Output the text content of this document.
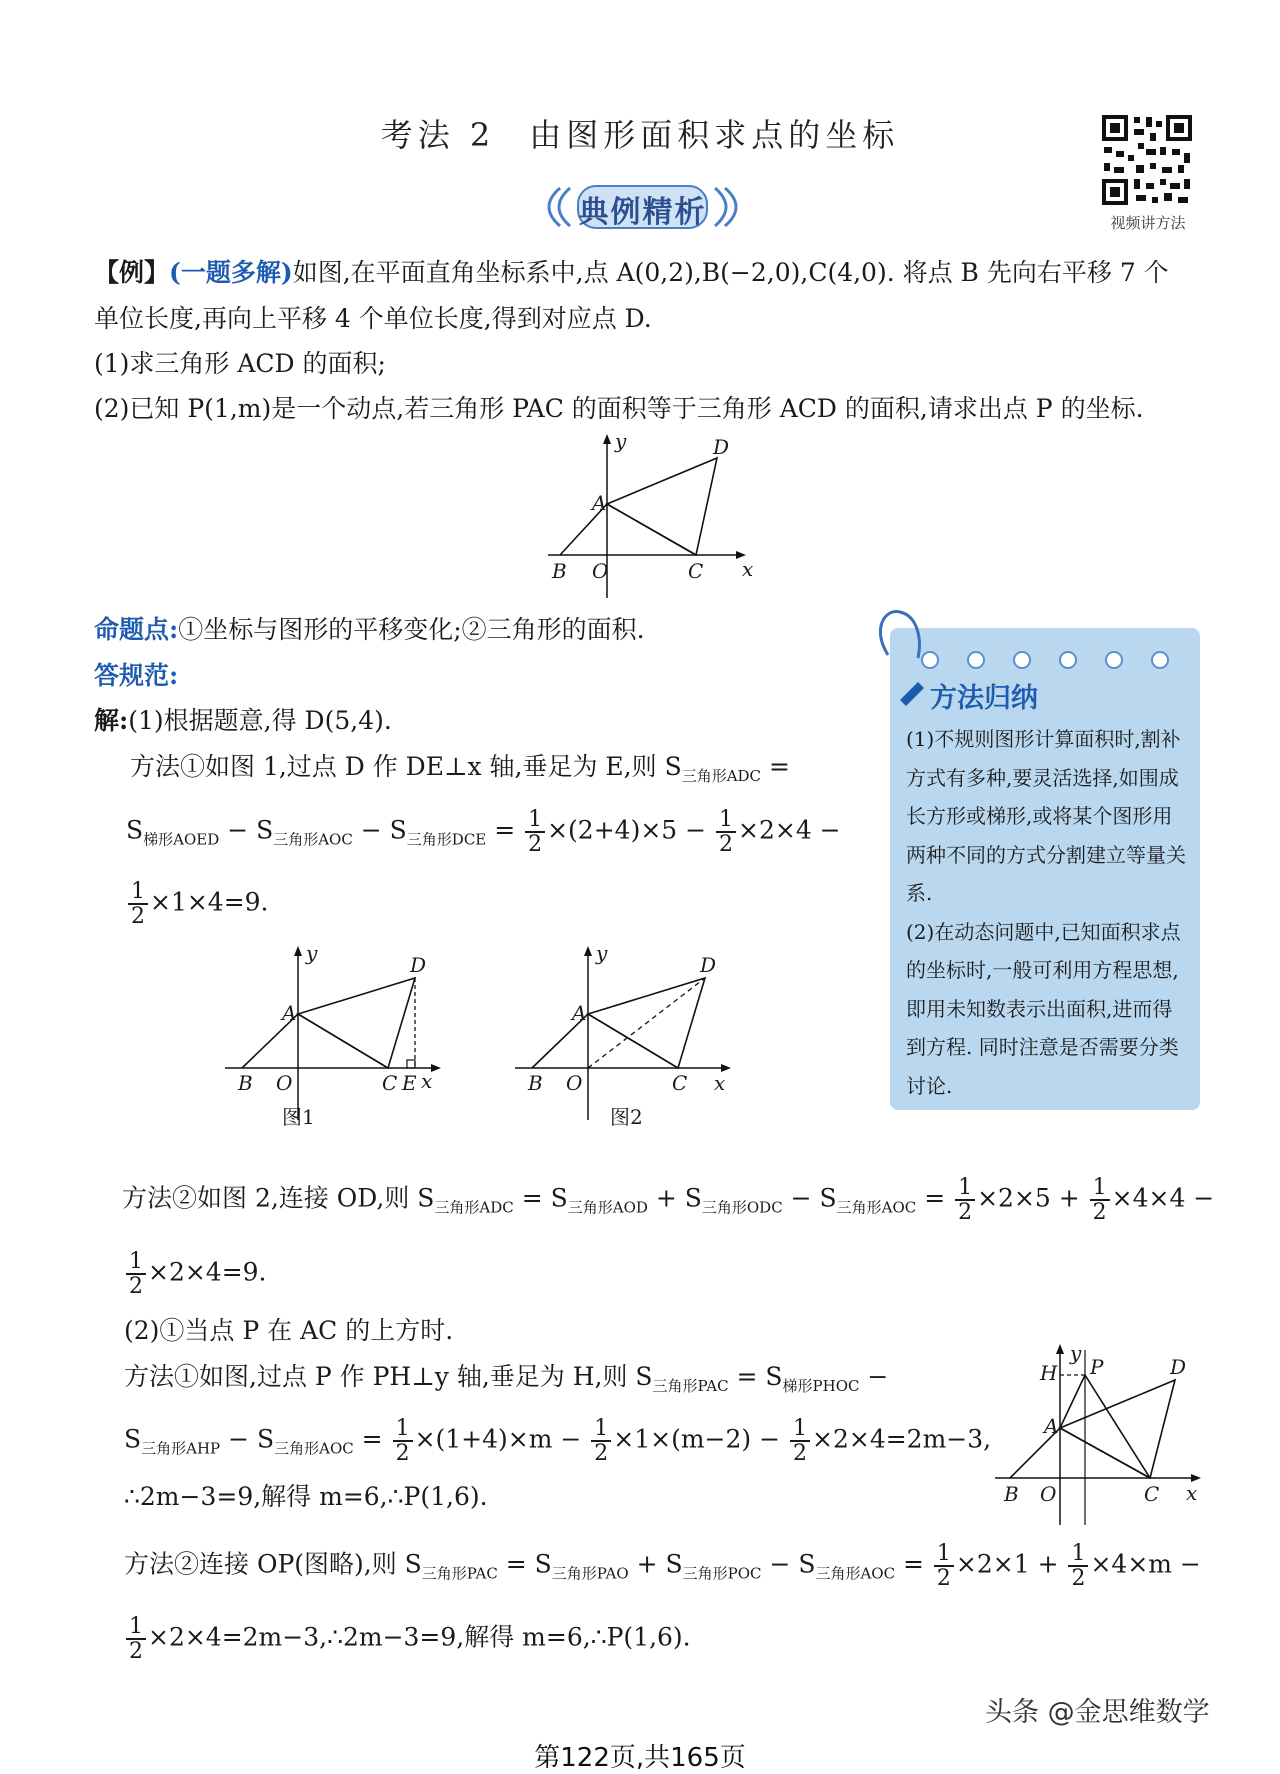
考法 2 由图形面积求点的坐标
典例精析	视频讲方法
【例】(一题多解)如图,在平面直角坐标系中,点 A(0,2),B(−2,0),C(4,0). 将点 B 先向右平移 7 个
单位长度,再向上平移 4 个单位长度,得到对应点 D.
(1)求三角形 ACD 的面积;
(2)已知 P(1,m)是一个动点,若三角形 PAC 的面积等于三角形 ACD 的面积,请求出点 P 的坐标.
y
x
A
B O	C
D
命题点:①坐标与图形的平移变化;②三角形的面积.
答规范:
解:(1)根据题意,得 D(5,4).
方法①如图 1,过点 D 作 DE⊥x 轴,垂足为 E,则 $S_{三角形ADC}$ =
$S_{梯形AOED} - S_{三角形AOC} - S_{三角形DCE} = \frac{1}{2} \times(2+4)\times 5 - \frac{1}{2} \times 2\times 4$ −
$\frac{1}{2} \times 1\times 4=9$.
y
x
A
B O	C E
D
图1
y
x
A
B O	C
D
图2
方法归纳

(1)不规则图形计算面积时,割补方式有多种,要灵活选择,如围成长方形或梯形,或将某个图形用两种不同的方式分割建立等量关系.

(2)在动态问题中,已知面积求点的坐标时,一般可利用方程思想,即用未知数表示出面积,进而得到方程. 同时注意是否需要分类讨论.

方法②如图 2,连接 OD,则 $S_{三角形ADC} = S_{三角形AOD} + S_{三角形ODC} - S_{三角形AOC} = \frac{1}{2} \times 2\times 5 + \frac{1}{2} \times 4\times 4$ −
$\frac{1}{2} \times 2\times 4=9$.
(2)①当点 P 在 AC 的上方时.
方法①如图,过点 P 作 PH⊥y 轴,垂足为 H,则 $S_{三角形PAC} = S_{梯形PHOC}$ −
$S_{三角形AHP} - S_{三角形AOC} = \frac{1}{2} \times(1+4)\times m - \frac{1}{2} \times 1\times(m-2) - \frac{1}{2} \times 2\times 4=2m-3$,
∴2m−3=9,解得 m=6,∴P(1,6).
y
P
H
x
A
B O	C
D
方法②连接 OP(图略),则 $S_{三角形PAC} = S_{三角形PAO} + S_{三角形POC} - S_{三角形AOC} = \frac{1}{2} \times 2\times 1 + \frac{1}{2} \times 4\times m$ −
$\frac{1}{2}$ ×2×4=2m−3,∴2m−3=9,解得 m=6,∴P(1,6).
头条 @金思维数学
第122页,共165页
